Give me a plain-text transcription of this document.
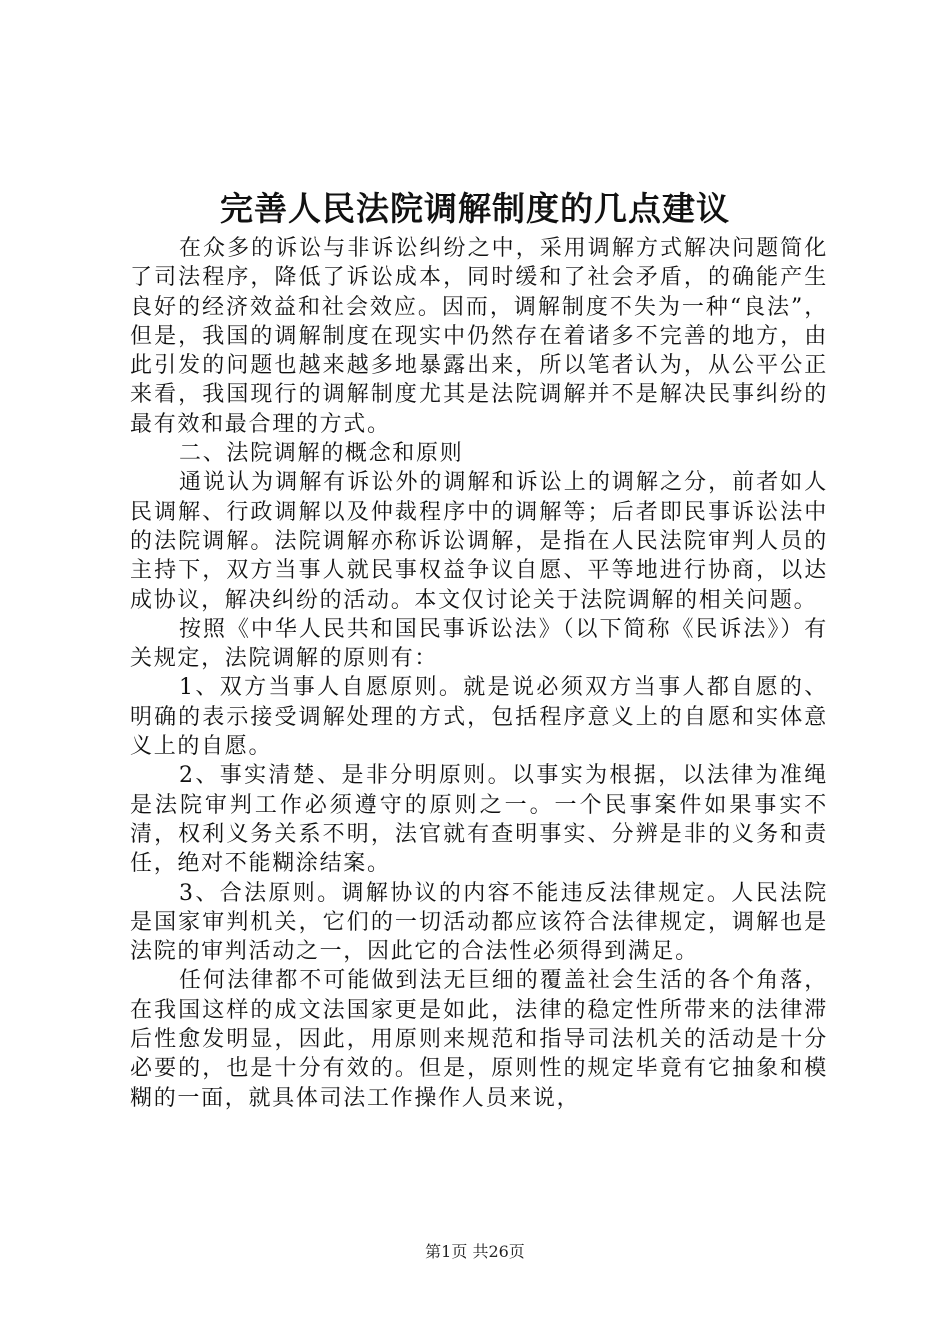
完善人民法院调解制度的几点建议

在众多的诉讼与非诉讼纠纷之中，采用调解方式解决问题简化了司法程序，降低了诉讼成本，同时缓和了社会矛盾，的确能产生良好的经济效益和社会效应。因而，调解制度不失为一种“良法”，但是，我国的调解制度在现实中仍然存在着诸多不完善的地方，由此引发的问题也越来越多地暴露出来，所以笔者认为，从公平公正来看，我国现行的调解制度尤其是法院调解并不是解决民事纠纷的最有效和最合理的方式。

二、法院调解的概念和原则

通说认为调解有诉讼外的调解和诉讼上的调解之分，前者如人民调解、行政调解以及仲裁程序中的调解等；后者即民事诉讼法中的法院调解。法院调解亦称诉讼调解，是指在人民法院审判人员的主持下，双方当事人就民事权益争议自愿、平等地进行协商，以达成协议，解决纠纷的活动。本文仅讨论关于法院调解的相关问题。

按照《中华人民共和国民事诉讼法》（以下简称《民诉法》）有关规定，法院调解的原则有：

1、双方当事人自愿原则。就是说必须双方当事人都自愿的、明确的表示接受调解处理的方式，包括程序意义上的自愿和实体意义上的自愿。

2、事实清楚、是非分明原则。以事实为根据，以法律为准绳是法院审判工作必须遵守的原则之一。一个民事案件如果事实不清，权利义务关系不明，法官就有查明事实、分辨是非的义务和责任，绝对不能糊涂结案。

3、合法原则。调解协议的内容不能违反法律规定。人民法院是国家审判机关，它们的一切活动都应该符合法律规定，调解也是法院的审判活动之一，因此它的合法性必须得到满足。

任何法律都不可能做到法无巨细的覆盖社会生活的各个角落，在我国这样的成文法国家更是如此，法律的稳定性所带来的法律滞后性愈发明显，因此，用原则来规范和指导司法机关的活动是十分必要的，也是十分有效的。但是，原则性的规定毕竟有它抽象和模糊的一面，就具体司法工作操作人员来说，

第1页 共26页
